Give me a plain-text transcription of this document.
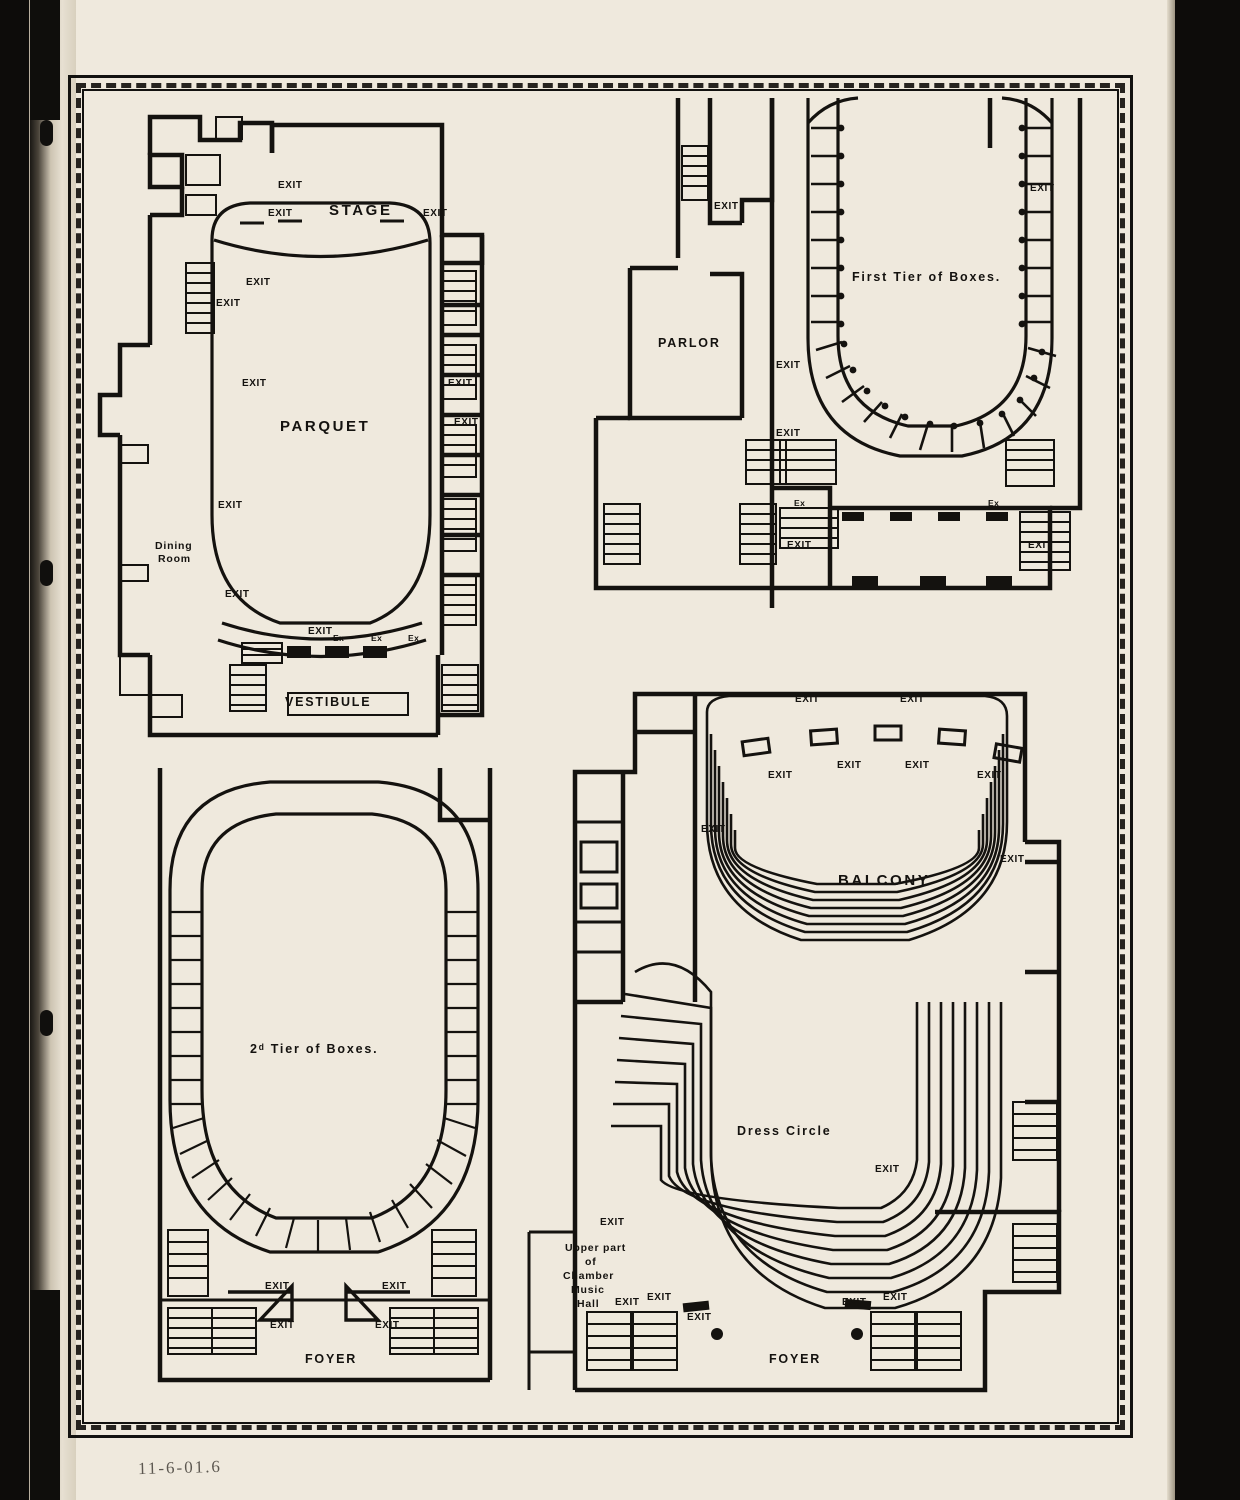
EXIT
EXIT	EXIT
EXIT
EXIT
EXIT	EXIT
EXIT
EXIT
EXIT
EXIT
Ex	Ex	Ex
STAGE
PARQUET
Dining
Room
VESTIBULE
EXIT
EXIT
EXIT
EXIT
EXIT
EXIT
Ex	Ex
First Tier of Boxes.
PARLOR
2ᵈ Tier of Boxes.
EXIT	EXIT
EXIT	EXIT
FOYER
EXIT	EXIT
EXIT
EXIT	EXIT
EXIT
EXIT
EXIT
EXIT
EXIT
EXIT EXIT
EXIT
EXIT EXIT
BALCONY
Dress Circle
FOYER
Upper part
of
Chamber
Music
Hall
11-6-01.6
